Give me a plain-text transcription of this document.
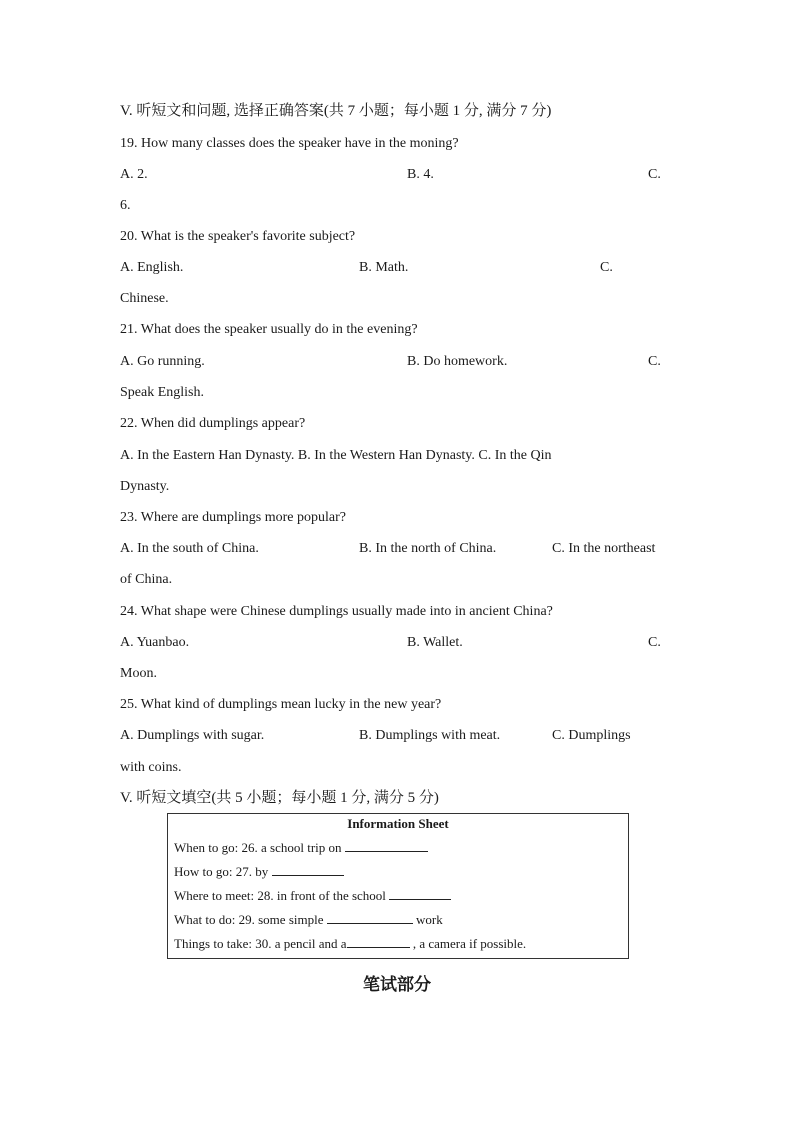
V. 听短文和问题, 选择正确答案(共 7 小题；每小题 1 分, 满分 7 分)
19. How many classes does the speaker have in the moning?
A. 2.	B. 4.	C.
6.
20. What is the speaker's favorite subject?
A. English.	B. Math.	C.
Chinese.
21. What does the speaker usually do in the evening?
A. Go running.	B. Do homework.	C.
Speak English.
22. When did dumplings appear?
A. In the Eastern Han Dynasty. B. In the Western Han Dynasty. C. In the Qin
Dynasty.
23. Where are dumplings more popular?
A. In the south of China.	B. In the north of China.	C. In the northeast
of China.
24. What shape were Chinese dumplings usually made into in ancient China?
A. Yuanbao.	B. Wallet.	C.
Moon.
25. What kind of dumplings mean lucky in the new year?
A. Dumplings with sugar.	B. Dumplings with meat.	C. Dumplings
with coins.
V. 听短文填空(共 5 小题；每小题 1 分, 满分 5 分)
Information Sheet
When to go: 26. a school trip on
How to go: 27. by
Where to meet: 28. in front of the school
What to do: 29. some simple	work
Things to take: 30. a pencil and a	, a camera if possible.
笔试部分
